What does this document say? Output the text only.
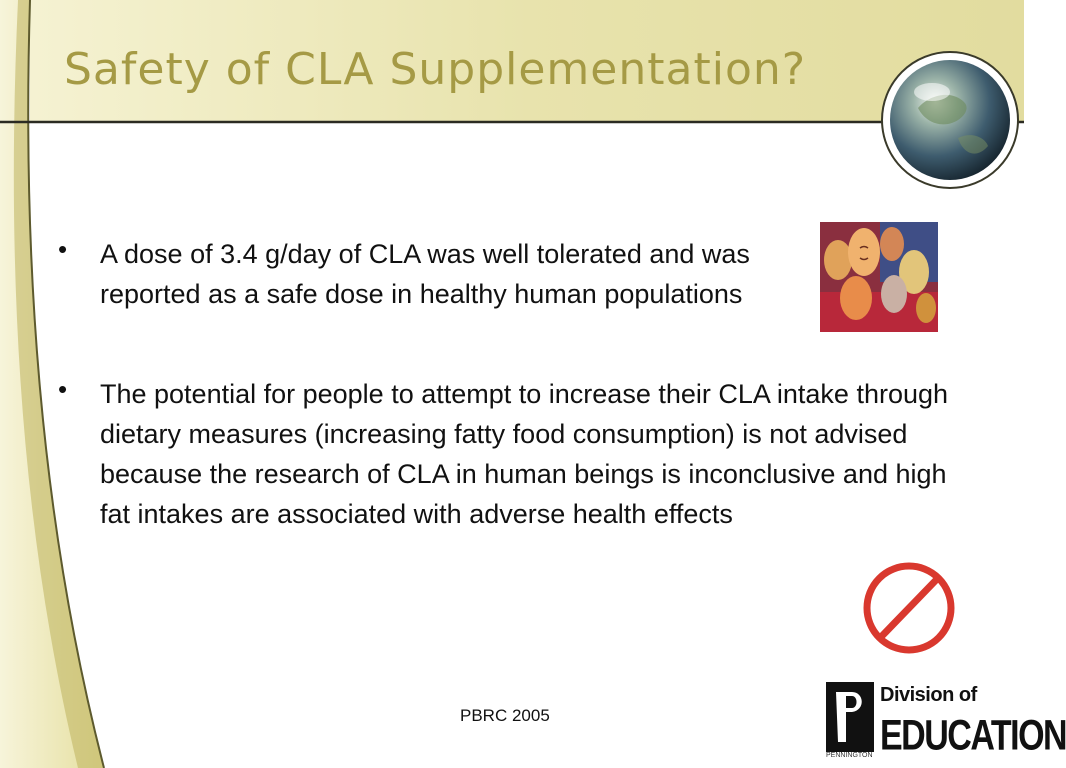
Safety of CLA Supplementation?
• A dose of 3.4 g/day of CLA was well tolerated and was reported as a safe dose in healthy human populations
• The potential for people to attempt to increase their CLA intake through dietary measures (increasing fatty food consumption) is not advised because the research of CLA in human beings is inconclusive and high fat intakes are associated with adverse health effects
PBRC 2005
Division of
EDUCATION
PENNINGTON
